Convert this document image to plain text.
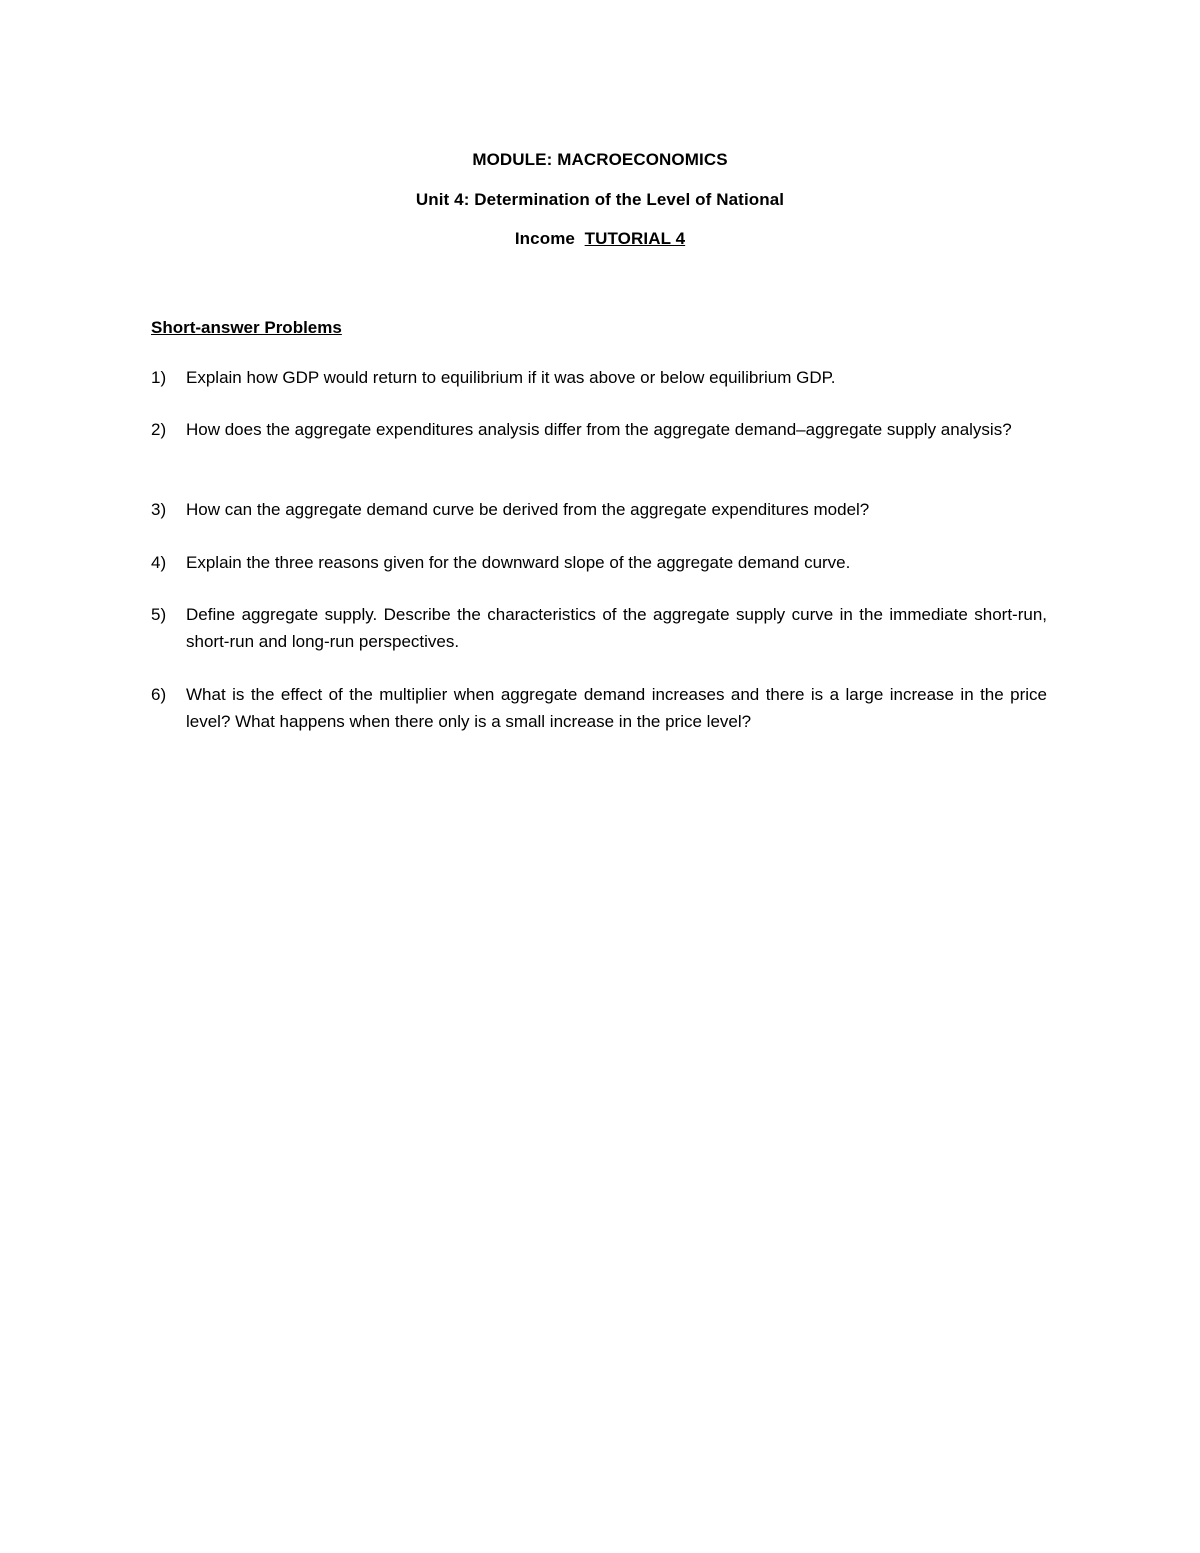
MODULE: MACROECONOMICS
Unit 4: Determination of the Level of National
Income TUTORIAL 4
Short-answer Problems
1)	Explain how GDP would return to equilibrium if it was above or below equilibrium GDP.
2)	How does the aggregate expenditures analysis differ from the aggregate demand–aggregate supply analysis?
3)	How can the aggregate demand curve be derived from the aggregate expenditures model?
4)	Explain the three reasons given for the downward slope of the aggregate demand curve.
5)	Define aggregate supply. Describe the characteristics of the aggregate supply curve in the immediate short-run, short-run and long-run perspectives.
6)	What is the effect of the multiplier when aggregate demand increases and there is a large increase in the price level? What happens when there only is a small increase in the price level?
